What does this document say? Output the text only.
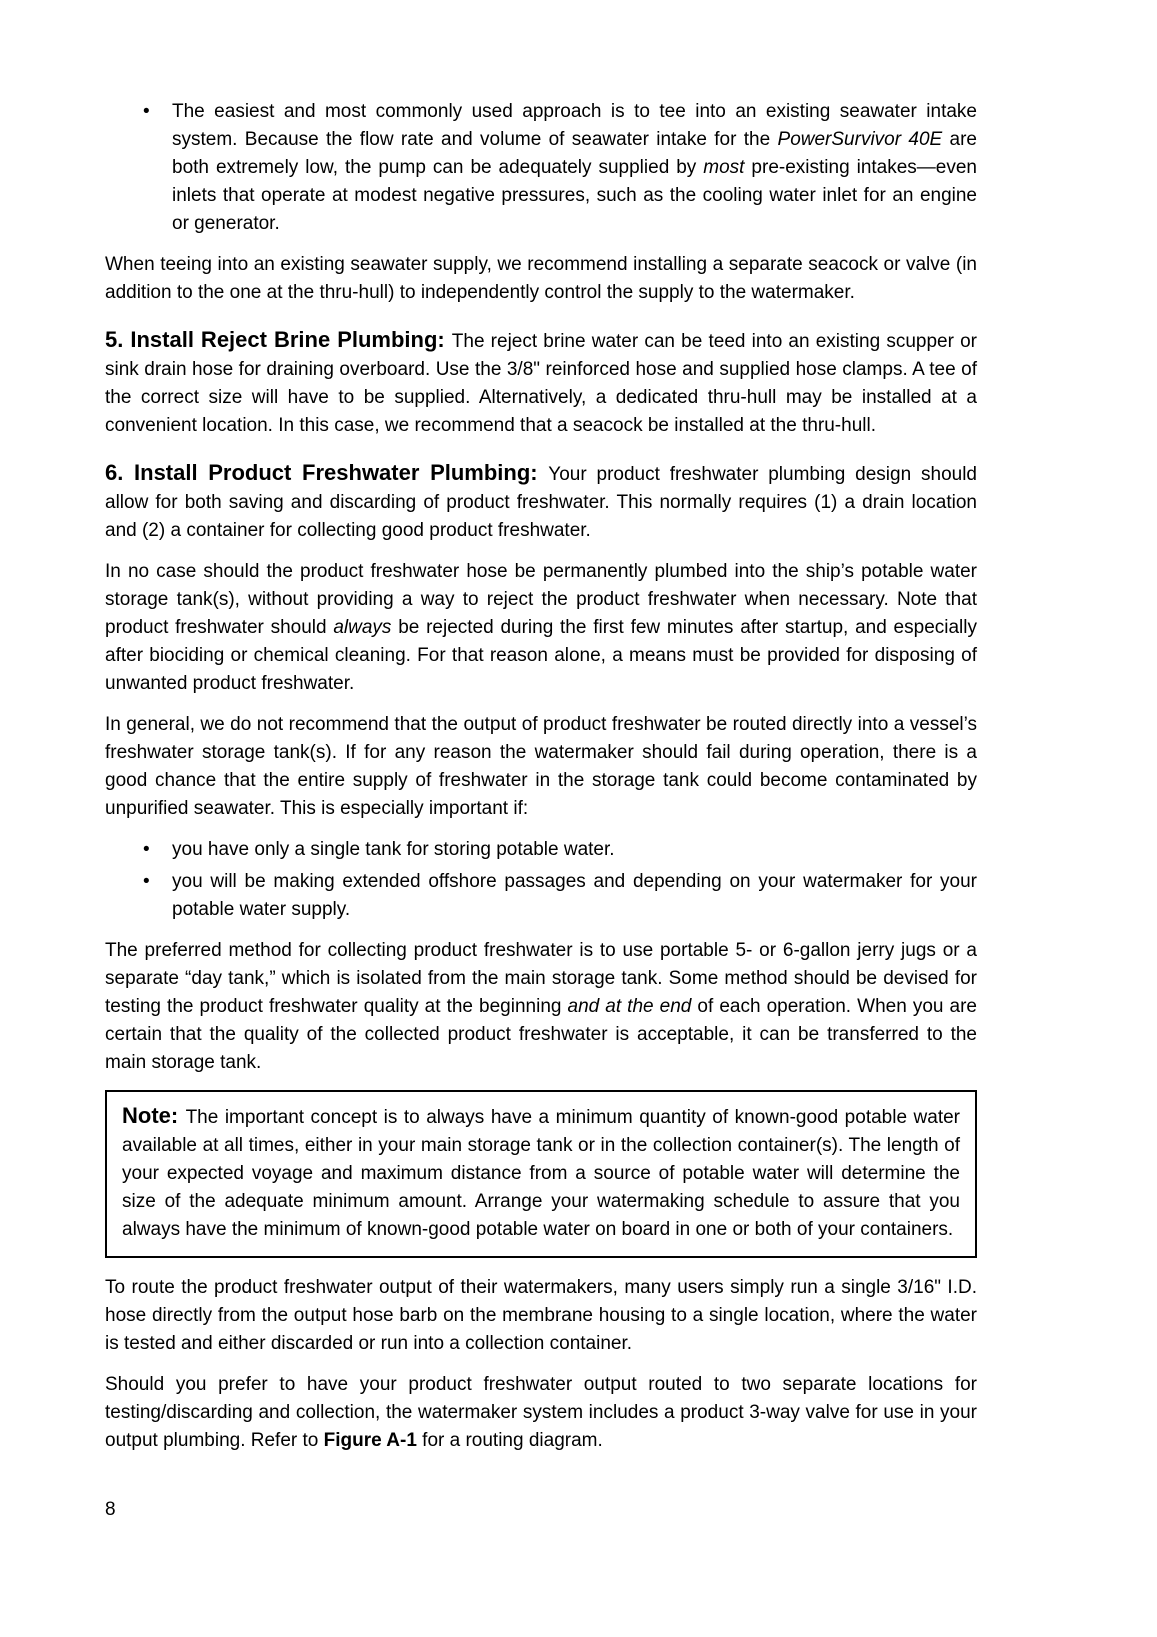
•	The easiest and most commonly used approach is to tee into an existing seawater intake system. Because the flow rate and volume of seawater intake for the PowerSurvivor 40E are both extremely low, the pump can be adequately supplied by most pre-existing intakes—even inlets that operate at modest negative pressures, such as the cooling water inlet for an engine or generator.

When teeing into an existing seawater supply, we recommend installing a separate seacock or valve (in addition to the one at the thru-hull) to independently control the supply to the watermaker.

5. Install Reject Brine Plumbing: The reject brine water can be teed into an existing scupper or sink drain hose for draining overboard. Use the 3/8" reinforced hose and supplied hose clamps. A tee of the correct size will have to be supplied. Alternatively, a dedicated thru-hull may be installed at a convenient location. In this case, we recommend that a seacock be installed at the thru-hull.

6. Install Product Freshwater Plumbing: Your product freshwater plumbing design should allow for both saving and discarding of product freshwater. This normally requires (1) a drain location and (2) a container for collecting good product freshwater.

In no case should the product freshwater hose be permanently plumbed into the ship’s potable water storage tank(s), without providing a way to reject the product freshwater when necessary. Note that product freshwater should always be rejected during the first few minutes after startup, and especially after biociding or chemical cleaning. For that reason alone, a means must be provided for disposing of unwanted product freshwater.

In general, we do not recommend that the output of product freshwater be routed directly into a vessel’s freshwater storage tank(s). If for any reason the watermaker should fail during operation, there is a good chance that the entire supply of freshwater in the storage tank could become contaminated by unpurified seawater. This is especially important if:

•	you have only a single tank for storing potable water.
•	you will be making extended offshore passages and depending on your watermaker for your potable water supply.

The preferred method for collecting product freshwater is to use portable 5- or 6-gallon jerry jugs or a separate “day tank,” which is isolated from the main storage tank. Some method should be devised for testing the product freshwater quality at the beginning and at the end of each operation. When you are certain that the quality of the collected product freshwater is acceptable, it can be transferred to the main storage tank.

Note: The important concept is to always have a minimum quantity of known-good potable water available at all times, either in your main storage tank or in the collection container(s). The length of your expected voyage and maximum distance from a source of potable water will determine the size of the adequate minimum amount. Arrange your watermaking schedule to assure that you always have the minimum of known-good potable water on board in one or both of your containers.

To route the product freshwater output of their watermakers, many users simply run a single 3/16" I.D. hose directly from the output hose barb on the membrane housing to a single location, where the water is tested and either discarded or run into a collection container.

Should you prefer to have your product freshwater output routed to two separate locations for testing/discarding and collection, the watermaker system includes a product 3-way valve for use in your output plumbing. Refer to Figure A-1 for a routing diagram.

8
